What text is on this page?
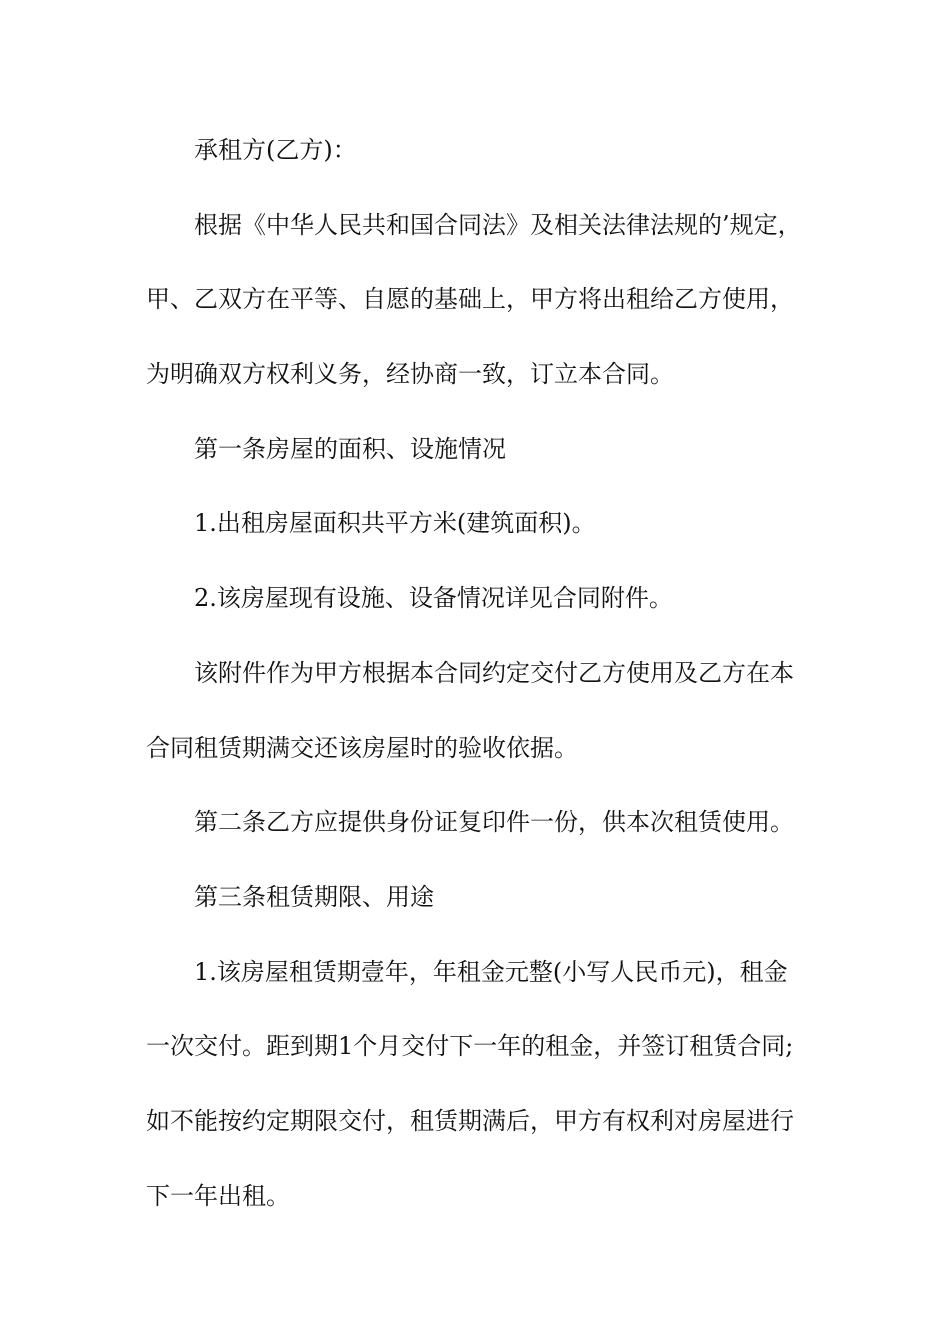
承租方(乙方)：
根据《中华人民共和国合同法》及相关法律法规的’规定，
甲、乙双方在平等、自愿的基础上，甲方将出租给乙方使用，
为明确双方权利义务，经协商一致，订立本合同。
第一条房屋的面积、设施情况
1.出租房屋面积共平方米(建筑面积)。
2.该房屋现有设施、设备情况详见合同附件。
该附件作为甲方根据本合同约定交付乙方使用及乙方在本
合同租赁期满交还该房屋时的验收依据。
第二条乙方应提供身份证复印件一份，供本次租赁使用。
第三条租赁期限、用途
1.该房屋租赁期壹年，年租金元整(小写人民币元)，租金
一次交付。距到期1个月交付下一年的租金，并签订租赁合同;
如不能按约定期限交付，租赁期满后，甲方有权利对房屋进行
下一年出租。
